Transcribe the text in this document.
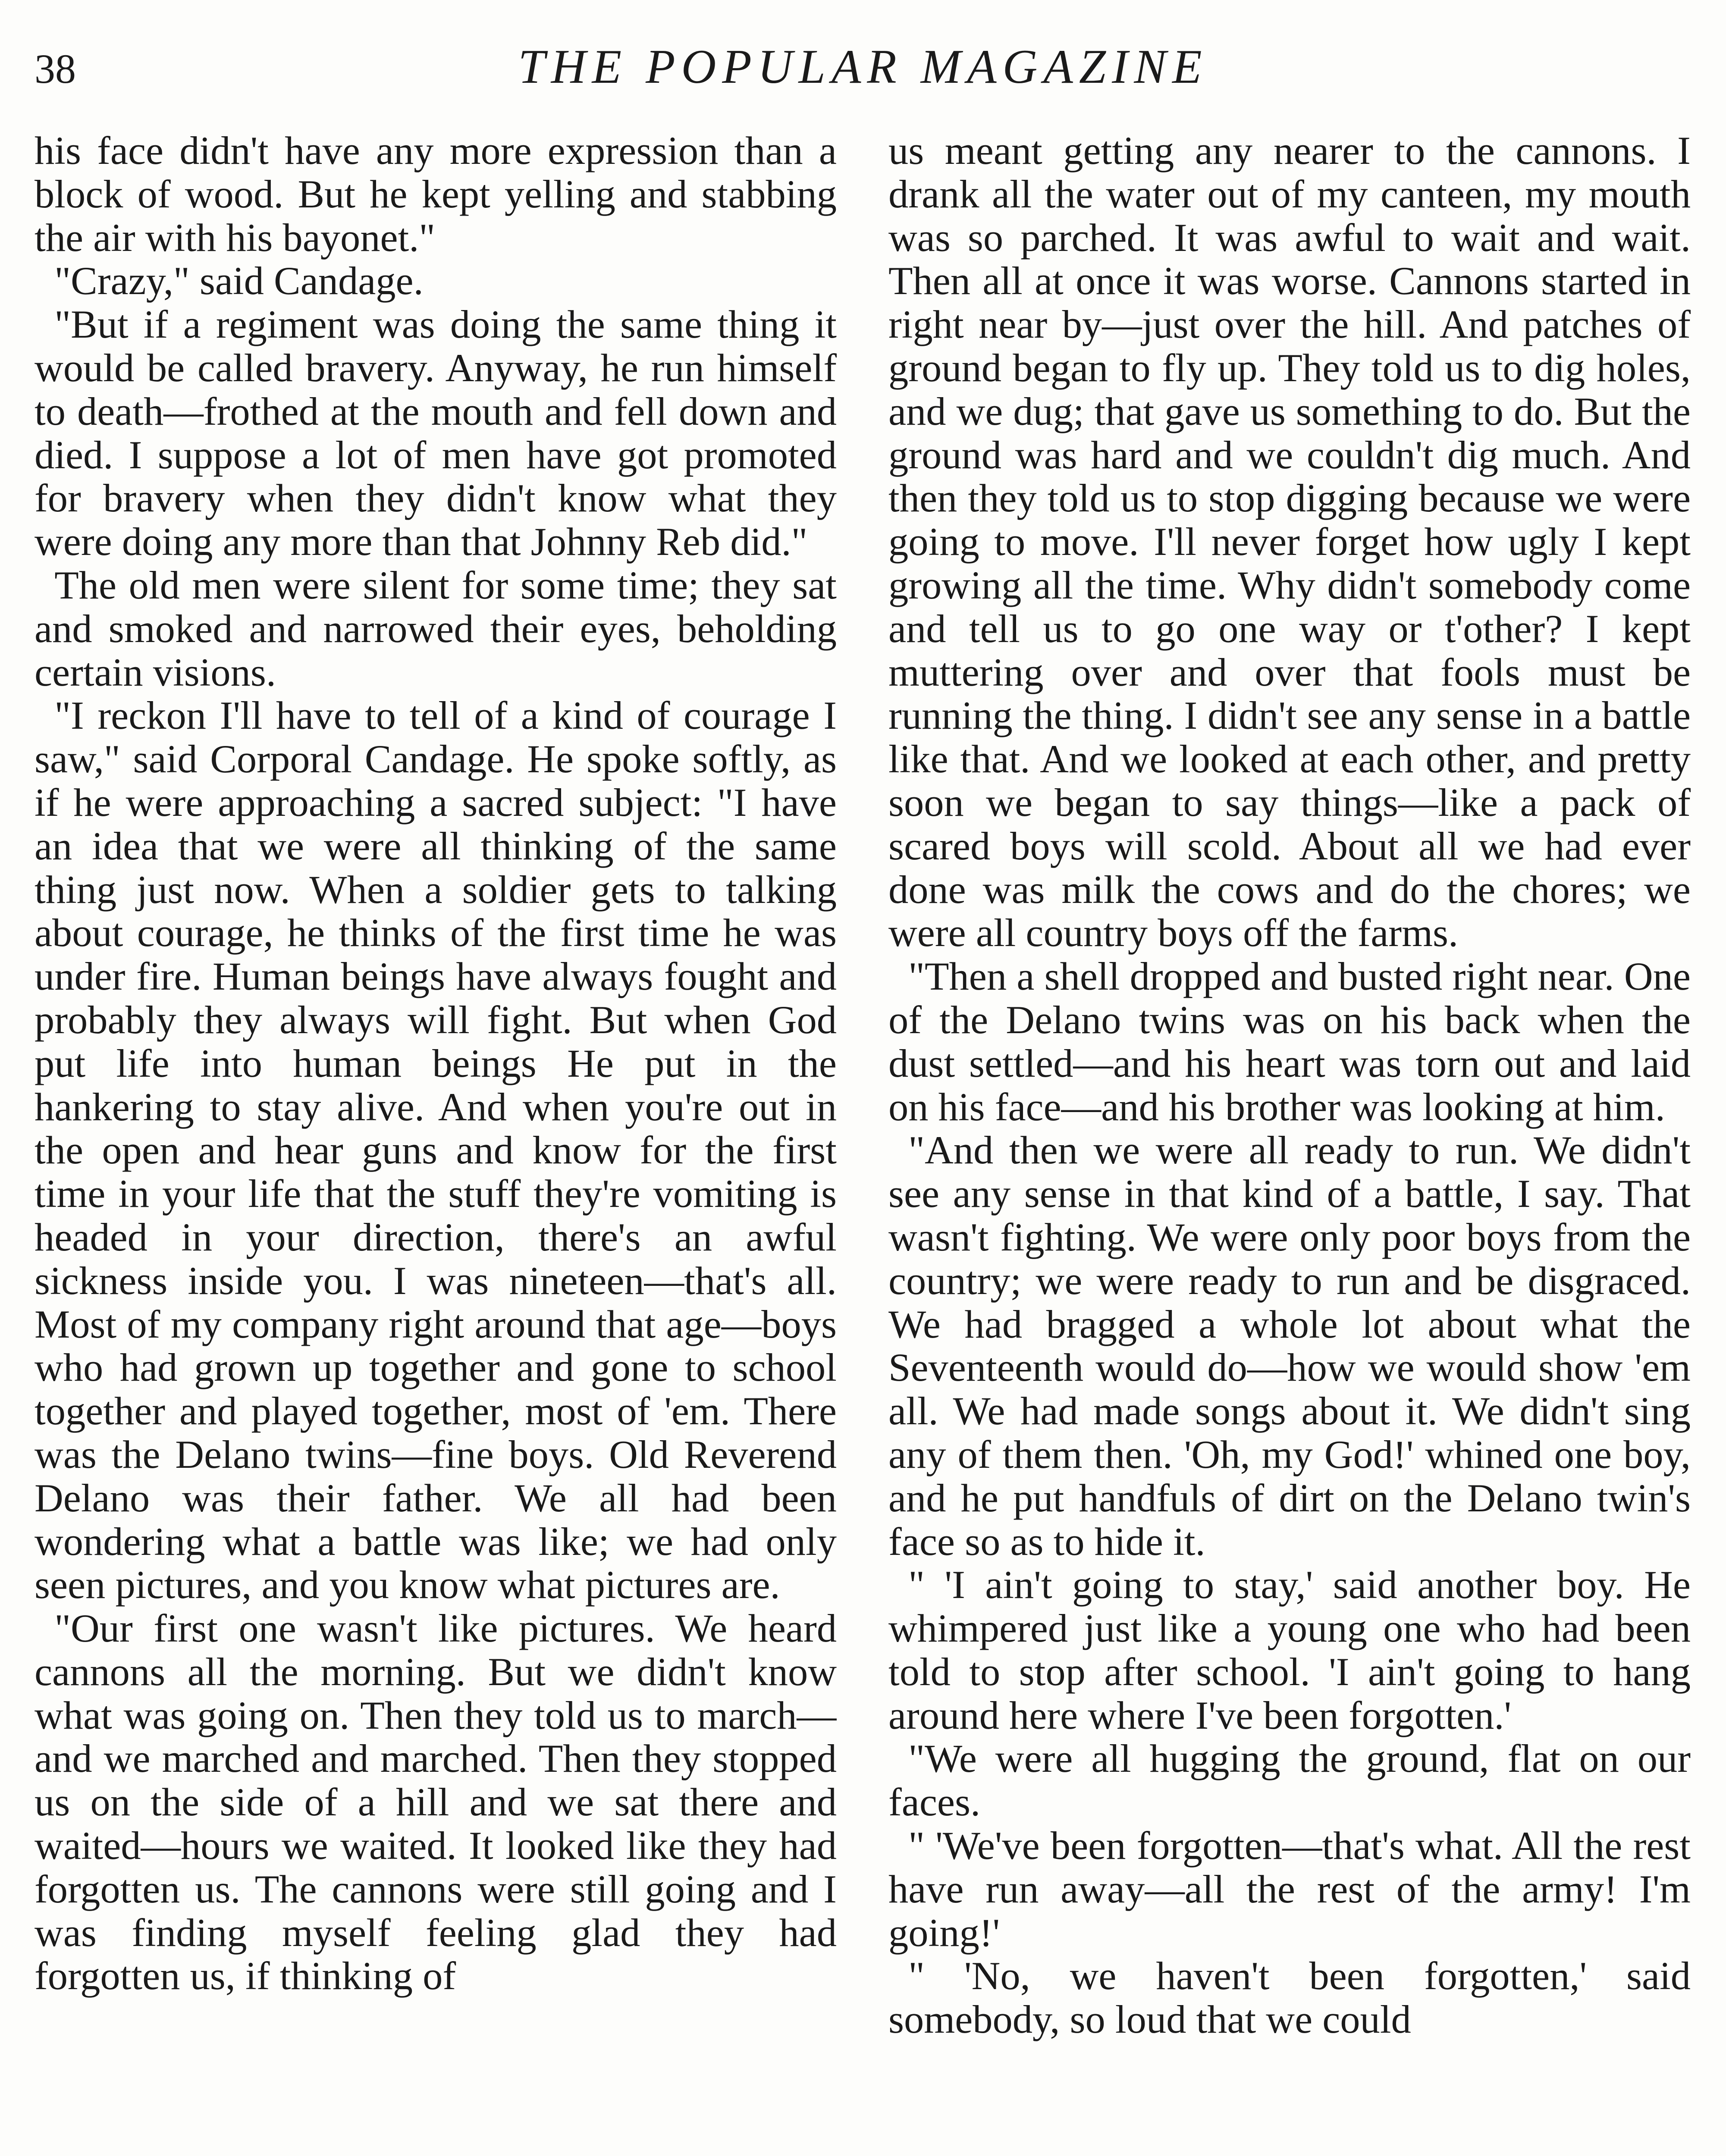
38	THE POPULAR MAGAZINE

his face didn't have any more expression than a block of wood. But he kept yelling and stabbing the air with his bayonet."

"Crazy," said Candage.

"But if a regiment was doing the same thing it would be called bravery. Anyway, he run himself to death—frothed at the mouth and fell down and died. I suppose a lot of men have got promoted for bravery when they didn't know what they were doing any more than that Johnny Reb did."

The old men were silent for some time; they sat and smoked and narrowed their eyes, beholding certain visions.

"I reckon I'll have to tell of a kind of courage I saw," said Corporal Candage. He spoke softly, as if he were approaching a sacred subject: "I have an idea that we were all thinking of the same thing just now. When a soldier gets to talking about courage, he thinks of the first time he was under fire. Human beings have always fought and probably they always will fight. But when God put life into human beings He put in the hankering to stay alive. And when you're out in the open and hear guns and know for the first time in your life that the stuff they're vomiting is headed in your direction, there's an awful sickness inside you. I was nineteen—that's all. Most of my company right around that age—boys who had grown up together and gone to school together and played together, most of 'em. There was the Delano twins—fine boys. Old Reverend Delano was their father. We all had been wondering what a battle was like; we had only seen pictures, and you know what pictures are.

"Our first one wasn't like pictures. We heard cannons all the morning. But we didn't know what was going on. Then they told us to march—and we marched and marched. Then they stopped us on the side of a hill and we sat there and waited—hours we waited. It looked like they had forgotten us. The cannons were still going and I was finding myself feeling glad they had forgotten us, if thinking of

us meant getting any nearer to the cannons. I drank all the water out of my canteen, my mouth was so parched. It was awful to wait and wait. Then all at once it was worse. Cannons started in right near by—just over the hill. And patches of ground began to fly up. They told us to dig holes, and we dug; that gave us something to do. But the ground was hard and we couldn't dig much. And then they told us to stop digging because we were going to move. I'll never forget how ugly I kept growing all the time. Why didn't somebody come and tell us to go one way or t'other? I kept muttering over and over that fools must be running the thing. I didn't see any sense in a battle like that. And we looked at each other, and pretty soon we began to say things—like a pack of scared boys will scold. About all we had ever done was milk the cows and do the chores; we were all country boys off the farms.

"Then a shell dropped and busted right near. One of the Delano twins was on his back when the dust settled—and his heart was torn out and laid on his face—and his brother was looking at him.

"And then we were all ready to run. We didn't see any sense in that kind of a battle, I say. That wasn't fighting. We were only poor boys from the country; we were ready to run and be disgraced. We had bragged a whole lot about what the Seventeenth would do—how we would show 'em all. We had made songs about it. We didn't sing any of them then. 'Oh, my God!' whined one boy, and he put handfuls of dirt on the Delano twin's face so as to hide it.

" 'I ain't going to stay,' said another boy. He whimpered just like a young one who had been told to stop after school. 'I ain't going to hang around here where I've been forgotten.'

"We were all hugging the ground, flat on our faces.

" 'We've been forgotten—that's what. All the rest have run away—all the rest of the army! I'm going!'

" 'No, we haven't been forgotten,' said somebody, so loud that we could
